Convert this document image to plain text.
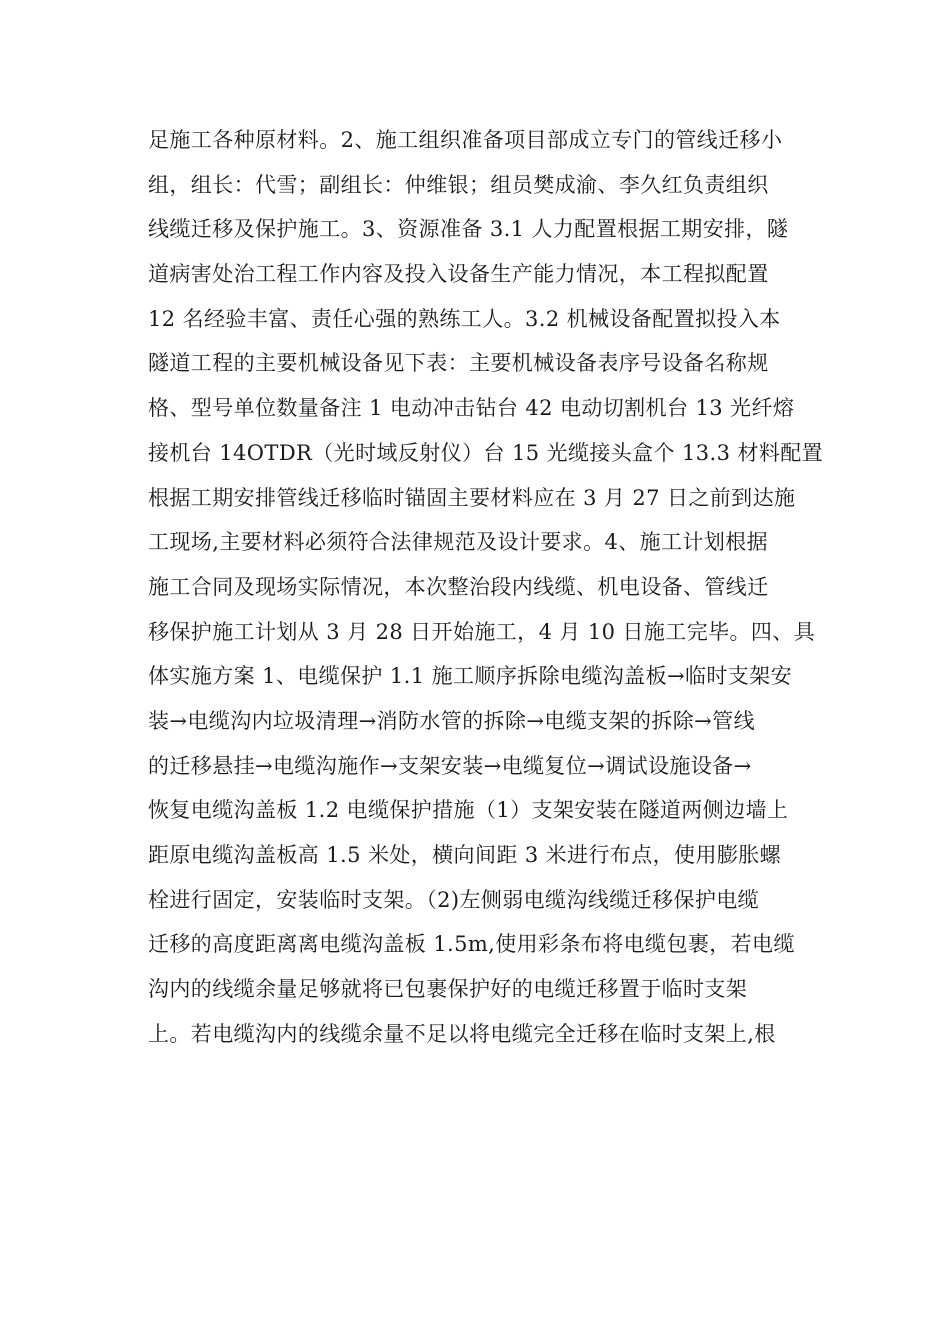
足施工各种原材料。2、施工组织准备项目部成立专门的管线迁移小
组，组长：代雪；副组长：仲维银；组员樊成渝、李久红负责组织
线缆迁移及保护施工。3、资源准备 3.1 人力配置根据工期安排，隧
道病害处治工程工作内容及投入设备生产能力情况，本工程拟配置
12 名经验丰富、责任心强的熟练工人。3.2 机械设备配置拟投入本
隧道工程的主要机械设备见下表：主要机械设备表序号设备名称规
格、型号单位数量备注 1 电动冲击钻台 42 电动切割机台 13 光纤熔
接机台 14OTDR（光时域反射仪）台 15 光缆接头盒个 13.3 材料配置
根据工期安排管线迁移临时锚固主要材料应在 3 月 27 日之前到达施
工现场,主要材料必须符合法律规范及设计要求。4、施工计划根据
施工合同及现场实际情况，本次整治段内线缆、机电设备、管线迁
移保护施工计划从 3 月 28 日开始施工，4 月 10 日施工完毕。四、具
体实施方案 1、电缆保护 1.1 施工顺序拆除电缆沟盖板→临时支架安
装→电缆沟内垃圾清理→消防水管的拆除→电缆支架的拆除→管线
的迁移悬挂→电缆沟施作→支架安装→电缆复位→调试设施设备→
恢复电缆沟盖板 1.2 电缆保护措施（1）支架安装在隧道两侧边墙上
距原电缆沟盖板高 1.5 米处，横向间距 3 米进行布点，使用膨胀螺
栓进行固定，安装临时支架。（2)左侧弱电缆沟线缆迁移保护电缆
迁移的高度距离离电缆沟盖板 1.5m,使用彩条布将电缆包裹，若电缆
沟内的线缆余量足够就将已包裹保护好的电缆迁移置于临时支架
上。若电缆沟内的线缆余量不足以将电缆完全迁移在临时支架上,根
